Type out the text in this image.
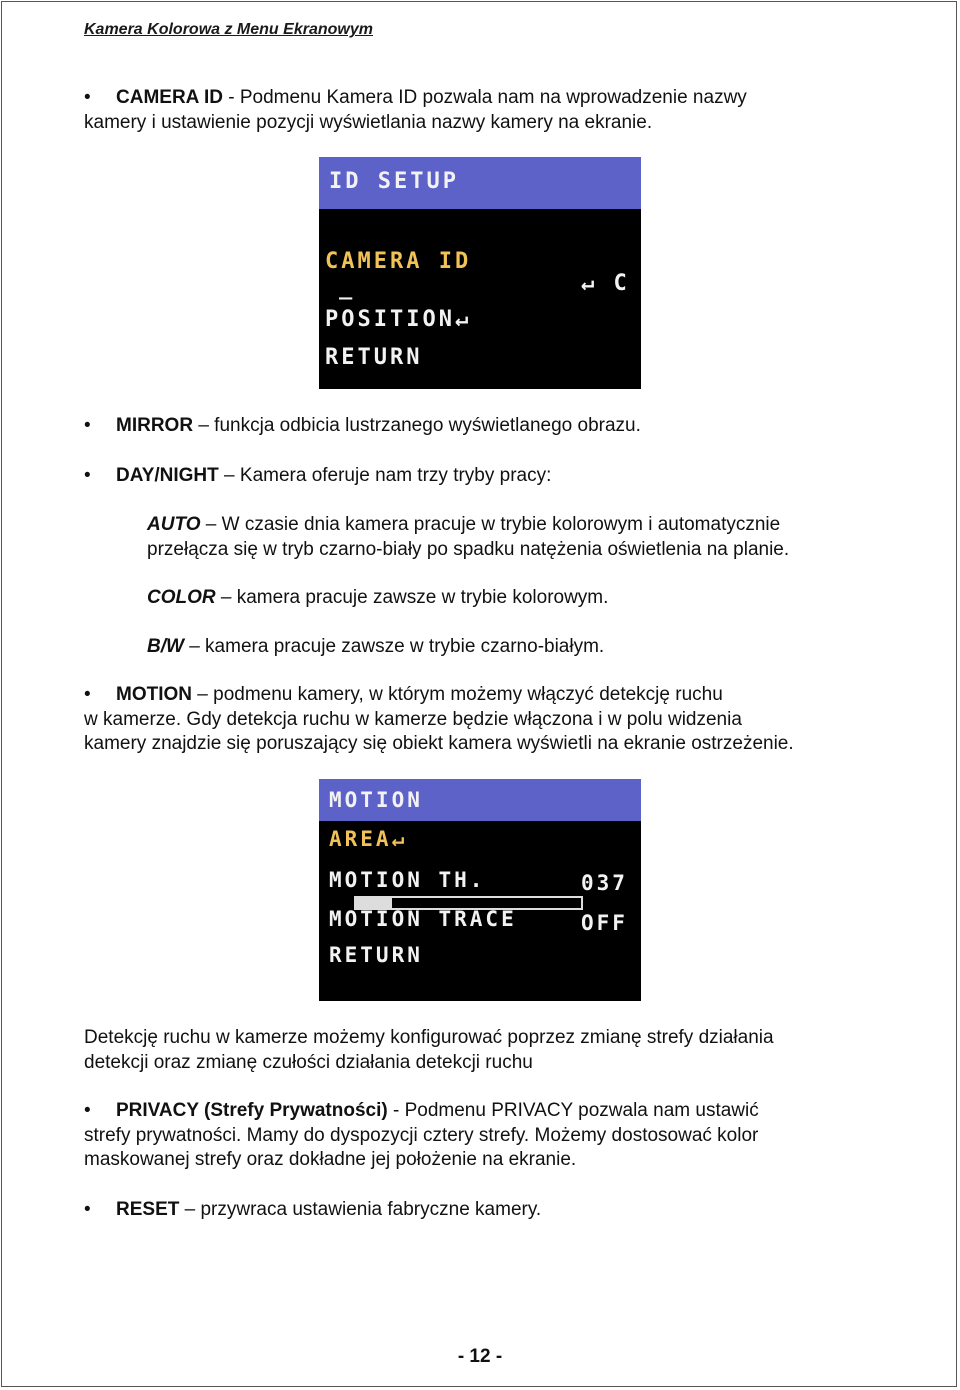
Kamera Kolorowa z Menu Ekranowym
• CAMERA ID - Podmenu Kamera ID pozwala nam na wprowadzenie nazwy
kamery i ustawienie pozycji wyświetlania nazwy kamery na ekranie.
ID SETUP
CAMERA ID
↵ C
_
POSITION↵
RETURN
• MIRROR – funkcja odbicia lustrzanego wyświetlanego obrazu.
• DAY/NIGHT – Kamera oferuje nam trzy tryby pracy:
AUTO – W czasie dnia kamera pracuje w trybie kolorowym i automatycznie
przełącza się w tryb czarno-biały po spadku natężenia oświetlenia na planie.
COLOR – kamera pracuje zawsze w trybie kolorowym.
B/W – kamera pracuje zawsze w trybie czarno-białym.
• MOTION – podmenu kamery, w którym możemy włączyć detekcję ruchu
w kamerze. Gdy detekcja ruchu w kamerze będzie włączona i w polu widzenia
kamery znajdzie się poruszający się obiekt kamera wyświetli na ekranie ostrzeżenie.
MOTION
AREA↵
MOTION TH.	037
MOTION TRACE	OFF
RETURN
Detekcję ruchu w kamerze możemy konfigurować poprzez zmianę strefy działania
detekcji oraz zmianę czułości działania detekcji ruchu
• PRIVACY (Strefy Prywatności) - Podmenu PRIVACY pozwala nam ustawić
strefy prywatności. Mamy do dyspozycji cztery strefy. Możemy dostosować kolor
maskowanej strefy oraz dokładne jej położenie na ekranie.
• RESET – przywraca ustawienia fabryczne kamery.
- 12 -
